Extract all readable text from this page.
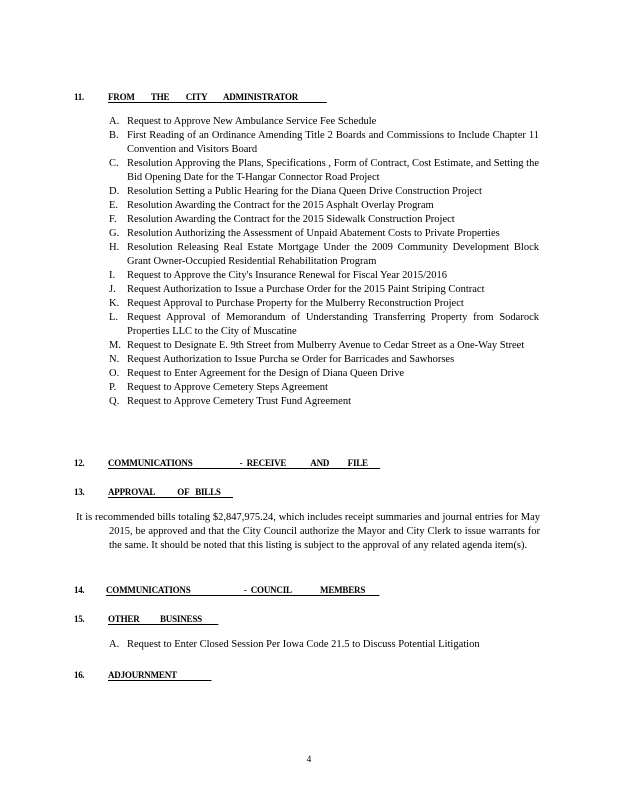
11.	FROM        THE        CITY        ADMINISTRATOR
A. Request to Approve New Ambulance Service Fee Schedule
B. First Reading of an Ordinance Amending Title 2 Boards and Commissions to Include Chapter 11 Convention and Visitors Board
C. Resolution Approving the Plans, Specifications , Form of Contract, Cost Estimate, and Setting the Bid Opening Date for the T-Hangar Connector Road Project
D. Resolution Setting a Public Hearing for the Diana Queen Drive Construction Project
E. Resolution Awarding the Contract for the 2015 Asphalt Overlay Program
F. Resolution Awarding the Contract for the 2015 Sidewalk Construction Project
G. Resolution Authorizing the Assessment of Unpaid Abatement Costs to Private Properties
H. Resolution Releasing Real Estate Mortgage Under the 2009 Community Development Block Grant Owner-Occupied Residential Rehabilitation Program
I. Request to Approve the City's Insurance Renewal for Fiscal Year 2015/2016
J. Request Authorization to Issue a Purchase Order for the 2015 Paint Striping Contract
K. Request Approval to Purchase Property for the Mulberry Reconstruction Project
L. Request Approval of Memorandum of Understanding Transferring Property from Sodarock Properties LLC to the City of Muscatine
M. Request to Designate E. 9th Street from Mulberry Avenue to Cedar Street as a One-Way Street
N. Request Authorization to Issue Purcha se Order for Barricades and Sawhorses
O. Request to Enter Agreement for the Design of Diana Queen Drive
P. Request to Approve Cemetery Steps Agreement
Q. Request to Approve Cemetery Trust Fund Agreement
12.	COMMUNICATIONS                       -  RECEIVE            AND         FILE
13.	APPROVAL           OF   BILLS
It is recommended bills totaling $2,847,975.24, which includes receipt summaries and journal entries for May 2015, be approved and that the City Council authorize the Mayor and City Clerk to issue warrants for the same. It should be noted that this listing is subject to the approval of any related agenda item(s).
14. COMMUNICATIONS                          -  COUNCIL              MEMBERS
15.	OTHER          BUSINESS
A. Request to Enter Closed Session Per Iowa Code 21.5 to Discuss Potential Litigation
16.	ADJOURNMENT
4
